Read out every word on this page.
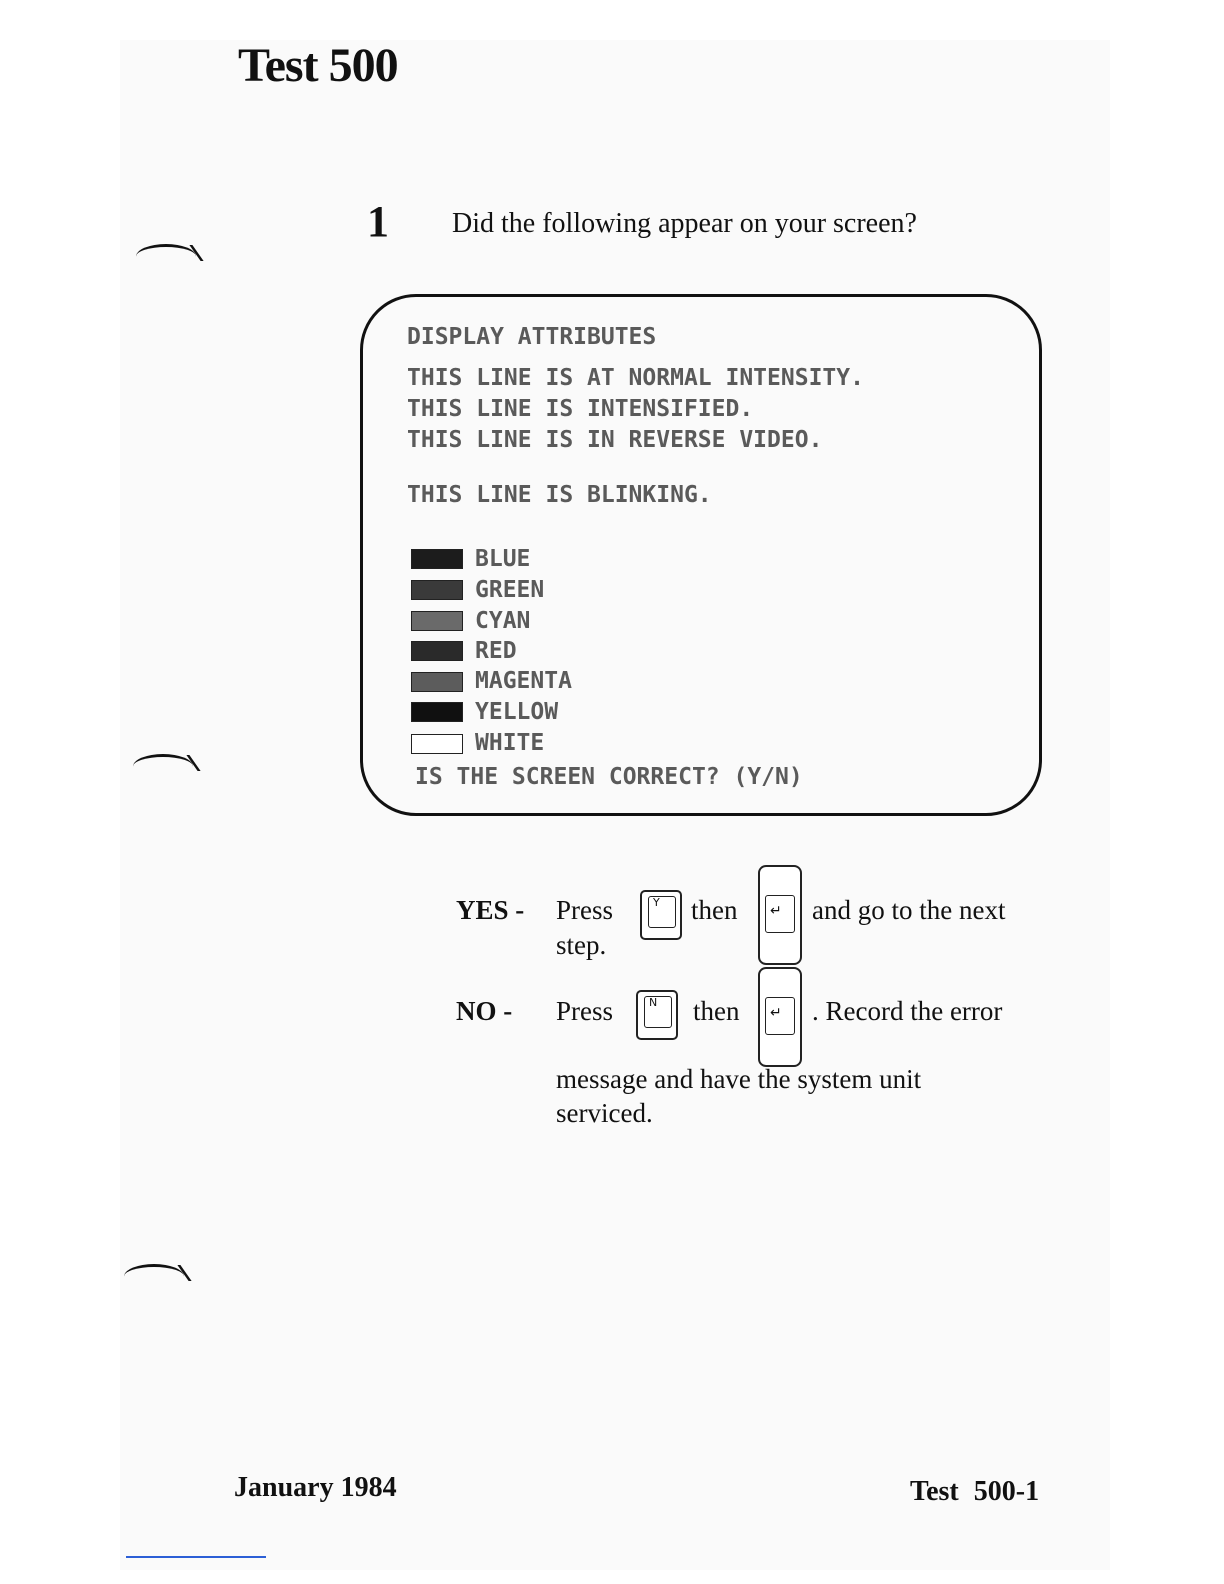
Test 500
1 Did the following appear on your screen?
DISPLAY ATTRIBUTES
THIS LINE IS AT NORMAL INTENSITY.
THIS LINE IS INTENSIFIED.
THIS LINE IS IN REVERSE VIDEO.
THIS LINE IS BLINKING.
BLUE
GREEN
CYAN
RED
MAGENTA
YELLOW
WHITE
IS THE SCREEN CORRECT? (Y/N)
YES - Press	Y then ↵ and go to the next
step.
NO - Press	N then ↵ . Record the error
message and have the system unit
serviced.
January 1984	Test 500-1
